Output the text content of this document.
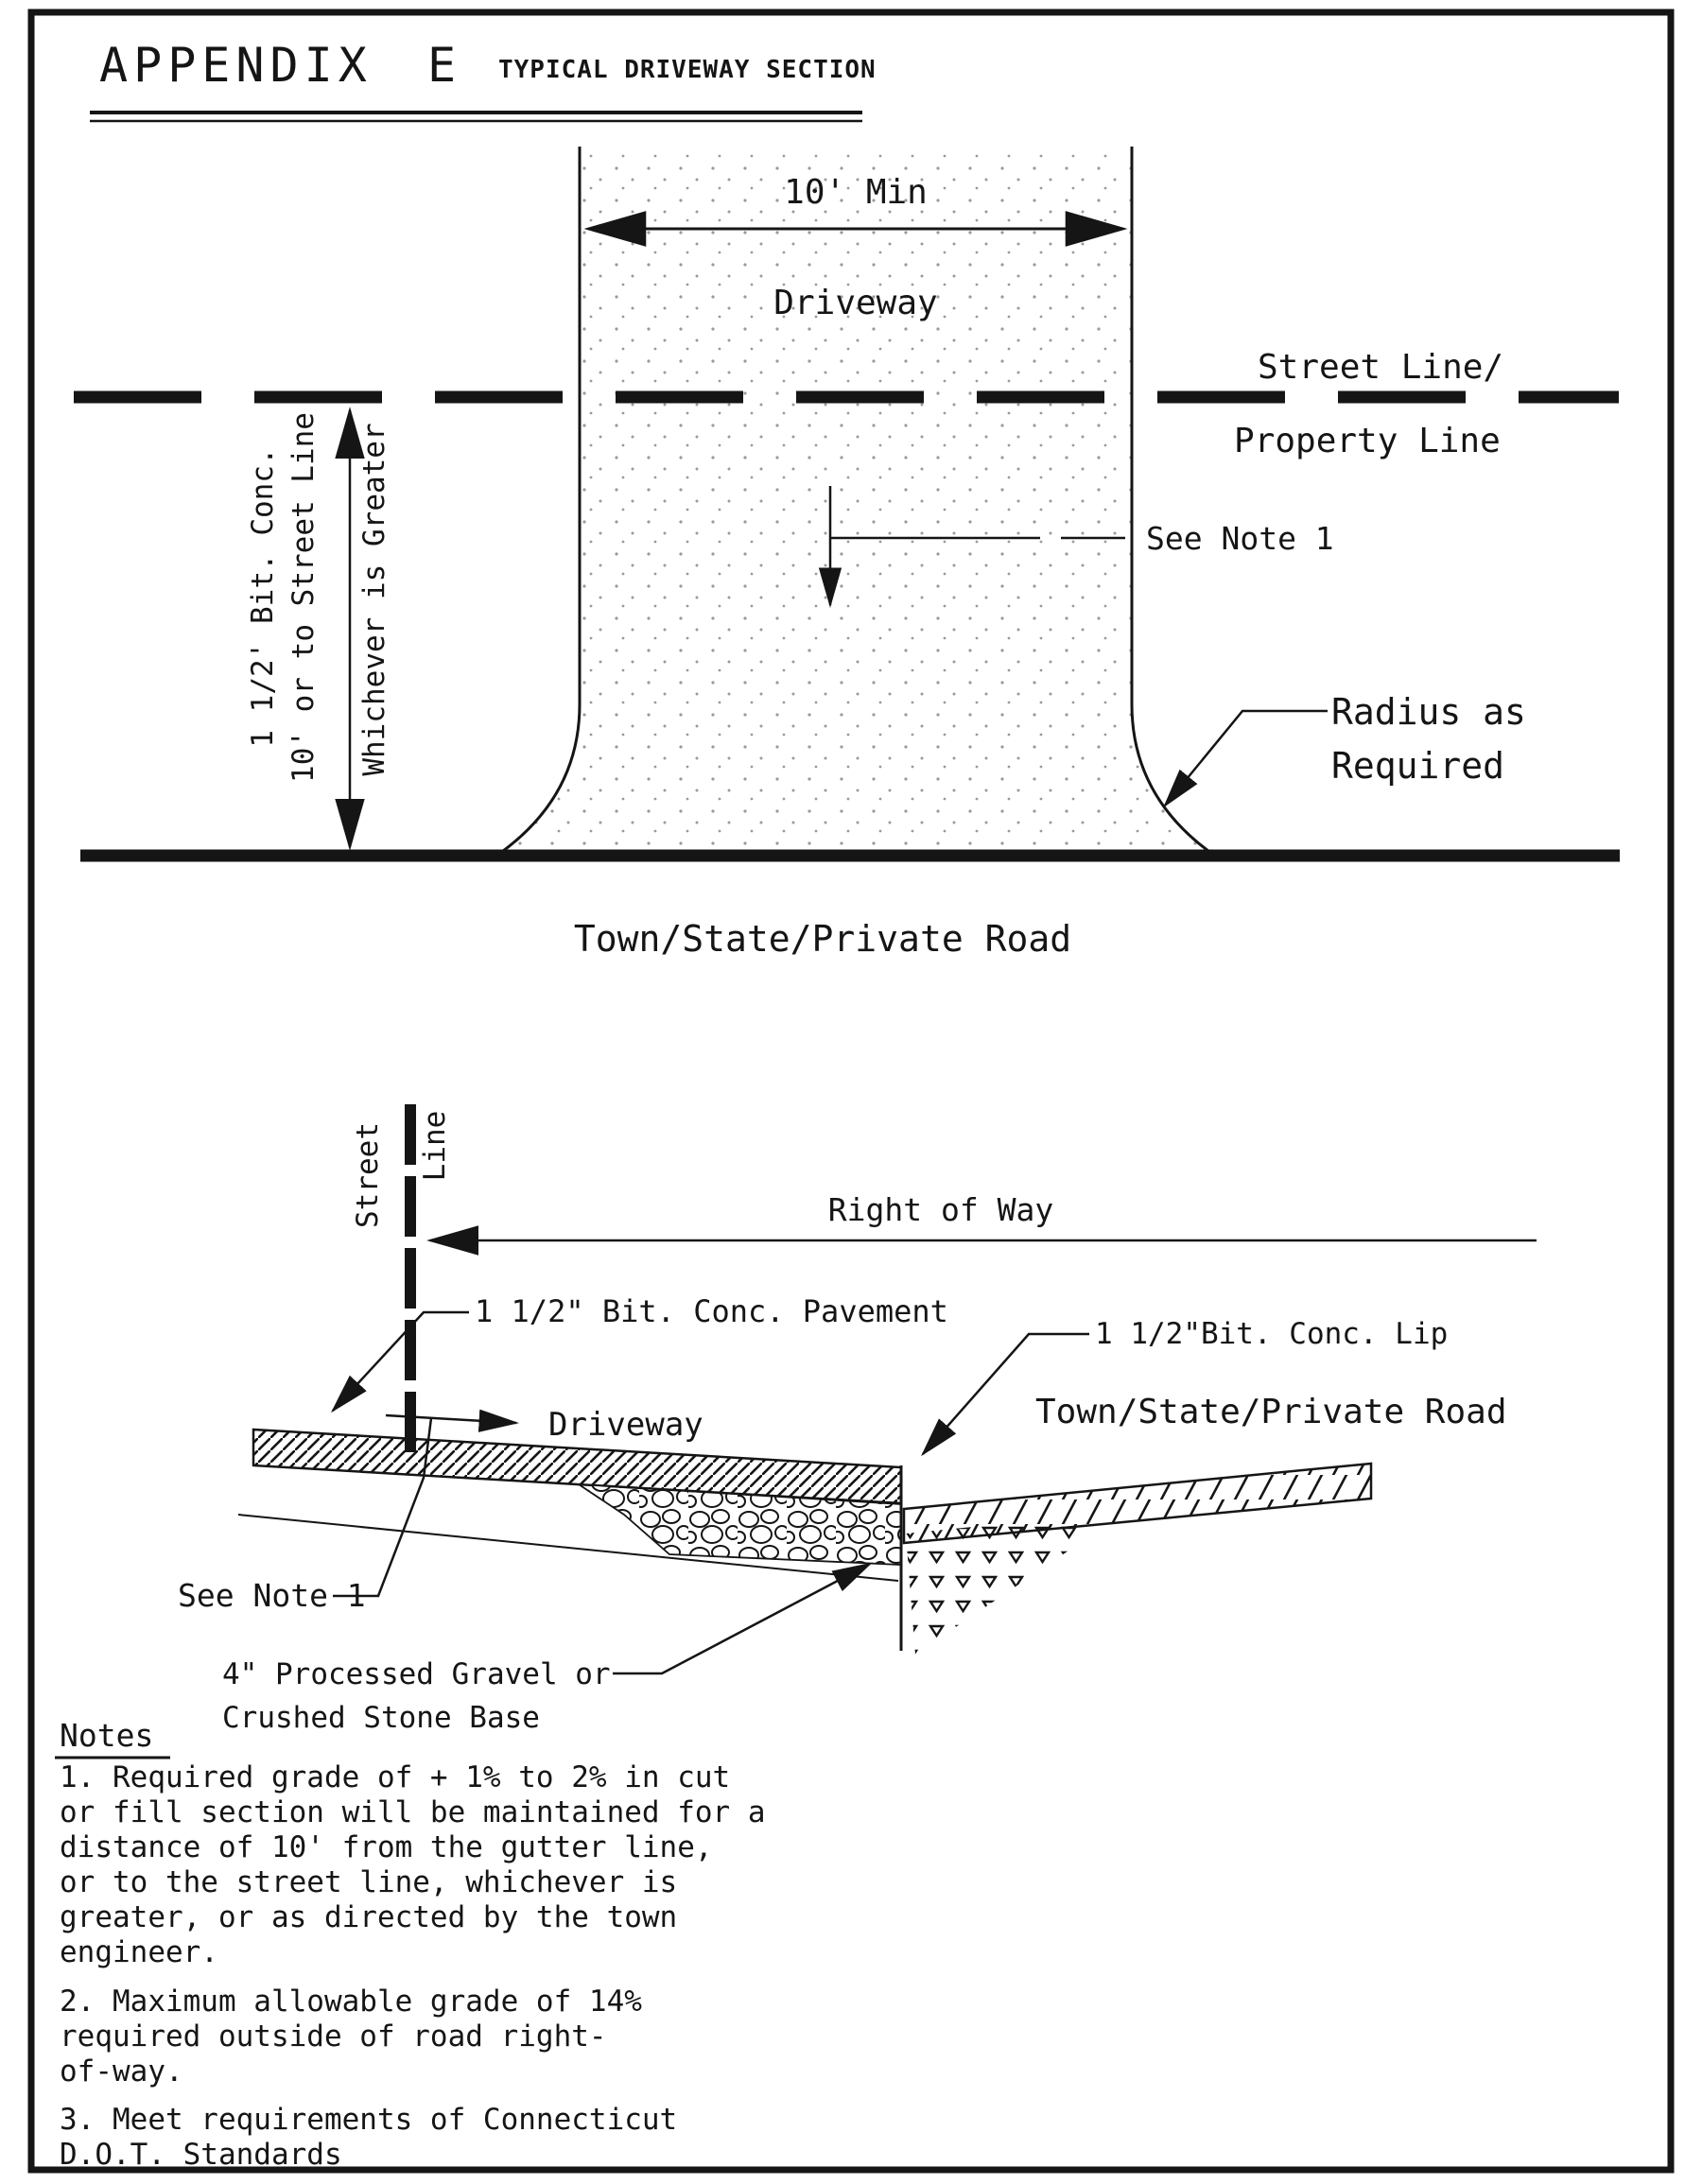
APPENDIX E TYPICAL DRIVEWAY SECTION
10' Min
Driveway
Street Line/
Property Line
1 1/2' Bit. Conc. 10' or to Street Line Whichever is Greater	See Note 1
Radius as
Required
Town/State/Private Road
Street Line
Right of Way
1 1/2" Bit. Conc. Pavement
1 1/2"Bit. Conc. Lip
Driveway	Town/State/Private Road
See Note 1
4" Processed Gravel or
Crushed Stone Base
Notes
1. Required grade of + 1% to 2% in cut
or fill section will be maintained for a
distance of 10' from the gutter line,
or to the street line, whichever is
greater, or as directed by the town
engineer.
2. Maximum allowable grade of 14%
required outside of road right-
of-way.
3. Meet requirements of Connecticut
D.O.T. Standards
